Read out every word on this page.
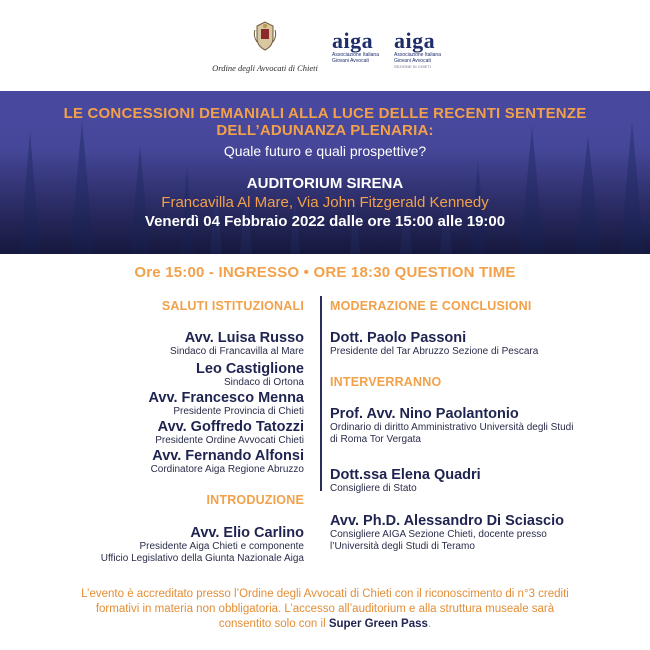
Ordine degli Avvocati di Chieti
aiga
Associazione Italiana
Giovani Avvocati
aiga
Associazione Italiana
Giovani Avvocati
SEZIONE DI CHIETI
LE CONCESSIONI DEMANIALI ALLA LUCE DELLE RECENTI SENTENZE
DELL’ADUNANZA PLENARIA:
Quale futuro e quali prospettive?
AUDITORIUM SIRENA
Francavilla Al Mare, Via John Fitzgerald Kennedy
Venerdì 04 Febbraio 2022 dalle ore 15:00 alle 19:00
Ore 15:00 - INGRESSO • ORE 18:30 QUESTION TIME
SALUTI ISTITUZIONALI
Avv. Luisa Russo
Sindaco di Francavilla al Mare
Leo Castiglione
Sindaco di Ortona
Avv. Francesco Menna
Presidente Provincia di Chieti
Avv. Goffredo Tatozzi
Presidente Ordine Avvocati Chieti
Avv. Fernando Alfonsi
Cordinatore Aiga Regione Abruzzo
INTRODUZIONE
Avv. Elio Carlino
Presidente Aiga Chieti e componente
Ufficio Legislativo della Giunta Nazionale Aiga
MODERAZIONE E CONCLUSIONI
Dott. Paolo Passoni
Presidente del Tar Abruzzo Sezione di Pescara
INTERVERRANNO
Prof. Avv. Nino Paolantonio
Ordinario di diritto Amministrativo Università degli Studi
di Roma Tor Vergata
Dott.ssa Elena Quadri
Consigliere di Stato
Avv. Ph.D. Alessandro Di Sciascio
Consigliere AIGA Sezione Chieti, docente presso
l’Università degli Studi di Teramo
L’evento è accreditato presso l’Ordine degli Avvocati di Chieti con il riconoscimento di n°3 crediti
formativi in materia non obbligatoria. L’accesso all’auditorium e alla struttura museale sarà
consentito solo con il Super Green Pass.
